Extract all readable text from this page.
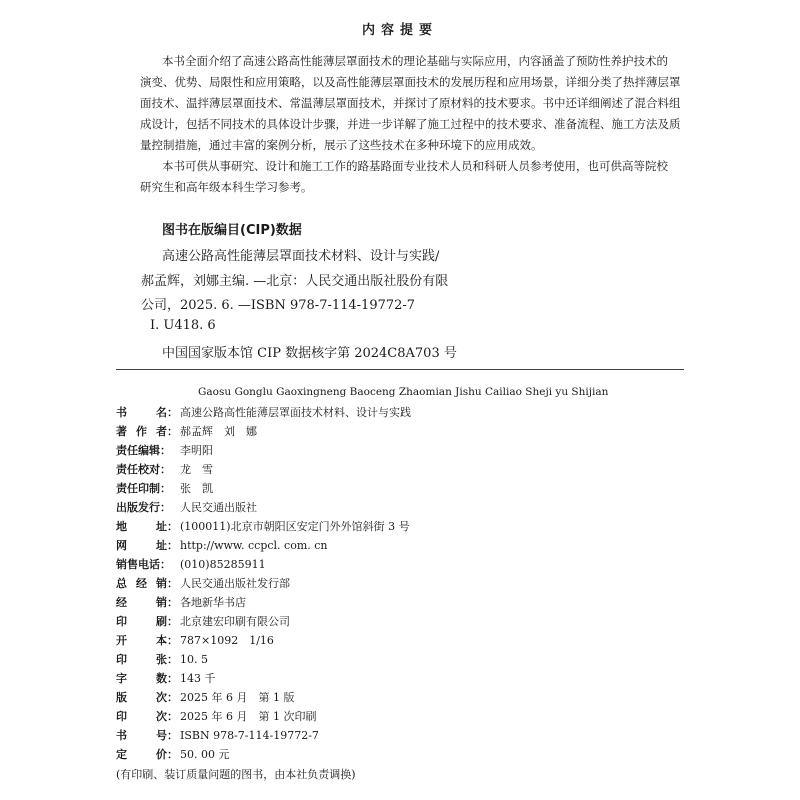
内容提要
本书全面介绍了高速公路高性能薄层罩面技术的理论基础与实际应用，内容涵盖了预防性养护技术的
演变、优势、局限性和应用策略，以及高性能薄层罩面技术的发展历程和应用场景，详细分类了热拌薄层罩
面技术、温拌薄层罩面技术、常温薄层罩面技术，并探讨了原材料的技术要求。书中还详细阐述了混合料组
成设计，包括不同技术的具体设计步骤，并进一步详解了施工过程中的技术要求、准备流程、施工方法及质
量控制措施，通过丰富的案例分析，展示了这些技术在多种环境下的应用成效。
本书可供从事研究、设计和施工工作的路基路面专业技术人员和科研人员参考使用，也可供高等院校
研究生和高年级本科生学习参考。
图书在版编目(CIP)数据
高速公路高性能薄层罩面技术材料、设计与实践/
郝孟辉，刘娜主编. —北京：人民交通出版社股份有限
公司，2025. 6. —ISBN 978-7-114-19772-7
Ⅰ. U418. 6
中国国家版本馆 CIP 数据核字第 2024C8A703 号
Gaosu Gonglu Gaoxingneng Baoceng Zhaomian Jishu Cailiao Sheji yu Shijian
书	名： 高速公路高性能薄层罩面技术材料、设计与实践
著 作 者： 郝孟辉　刘　娜
责任编辑： 李明阳
责任校对： 龙　雪
责任印制： 张　凯
出版发行： 人民交通出版社
地	址： (100011)北京市朝阳区安定门外外馆斜街 3 号
网	址： http://www. ccpcl. com. cn
销售电话： (010)85285911
总 经 销： 人民交通出版社发行部
经	销： 各地新华书店
印	刷： 北京建宏印刷有限公司
开	本： 787×1092　1/16
印	张： 10. 5
字	数： 143 千
版	次： 2025 年 6 月　第 1 版
印	次： 2025 年 6 月　第 1 次印刷
书	号： ISBN 978-7-114-19772-7
定	价： 50. 00 元
(有印刷、装订质量问题的图书，由本社负责调换)
